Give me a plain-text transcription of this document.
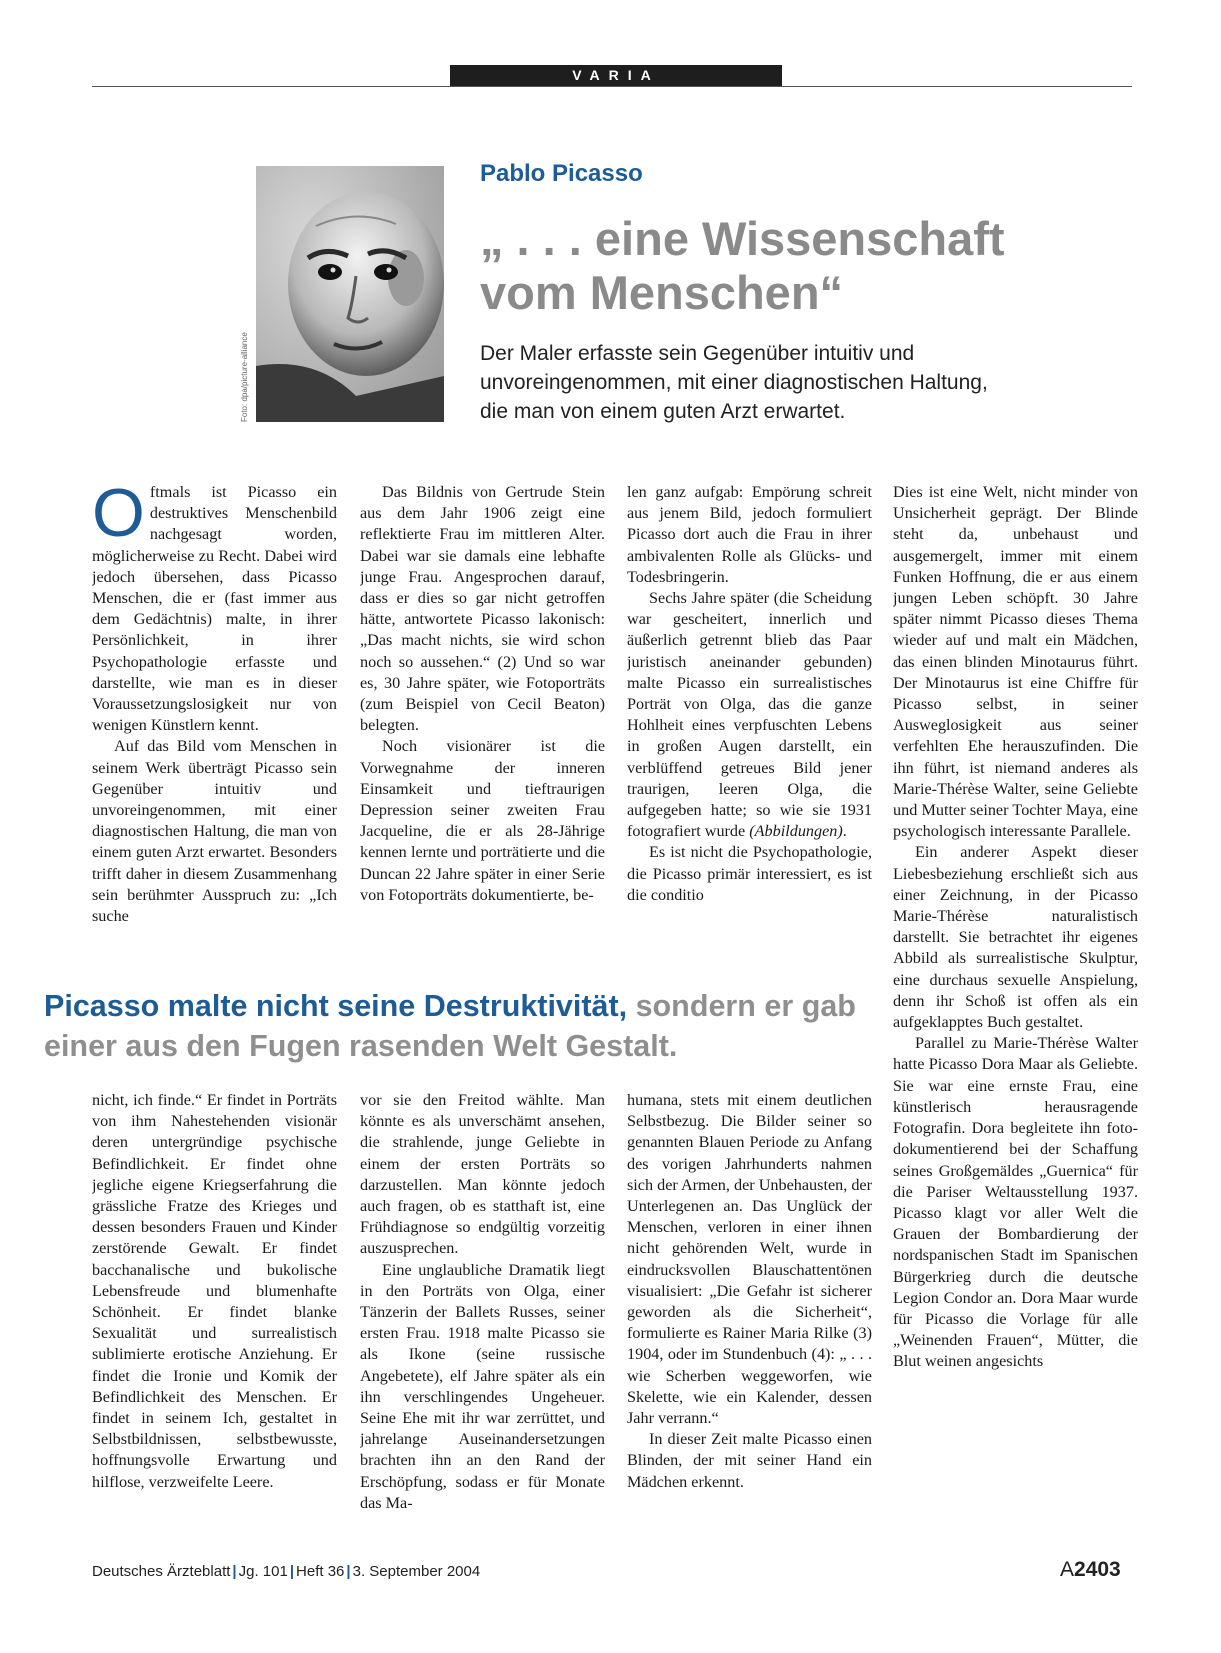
VARIA
Foto: dpa/picture-alliance
Pablo Picasso
„ . . . eine Wissenschaft
vom Menschen“
Der Maler erfasste sein Gegenüber intuitiv und unvoreingenommen, mit einer diagnostischen Haltung, die man von einem guten Arzt erwartet.

Oftmals ist Picasso ein destruktives Menschenbild nachgesagt worden, möglicherweise zu Recht. Dabei wird jedoch übersehen, dass Picasso Menschen, die er (fast immer aus dem Gedächtnis) malte, in ihrer Persönlichkeit, in ihrer Psychopathologie erfasste und darstellte, wie man es in dieser Voraussetzungslosigkeit nur von wenigen Künstlern kennt.

Auf das Bild vom Menschen in seinem Werk überträgt Picasso sein Gegenüber intuitiv und unvoreingenommen, mit einer diagnostischen Haltung, die man von einem guten Arzt erwartet. Besonders trifft daher in diesem Zusammenhang sein berühmter Ausspruch zu: „Ich suche

Das Bildnis von Gertrude Stein aus dem Jahr 1906 zeigt eine reflektierte Frau im mittleren Alter. Dabei war sie damals eine lebhafte junge Frau. Angesprochen darauf, dass er dies so gar nicht getroffen hätte, antwortete Picasso lakonisch: „Das macht nichts, sie wird schon noch so aussehen.“ (2) Und so war es, 30 Jahre später, wie Fotoporträts (zum Beispiel von Cecil Beaton) belegten.

Noch visionärer ist die Vorwegnahme der inneren Einsamkeit und tieftraurigen Depression seiner zweiten Frau Jacqueline, die er als 28-Jährige kennen lernte und porträtierte und die Duncan 22 Jahre später in einer Serie von Fotoporträts dokumentierte, be-

len ganz aufgab: Empörung schreit aus jenem Bild, jedoch formuliert Picasso dort auch die Frau in ihrer ambivalenten Rolle als Glücks- und Todesbringerin.

Sechs Jahre später (die Scheidung war gescheitert, innerlich und äußerlich getrennt blieb das Paar juristisch aneinander gebunden) malte Picasso ein surrealistisches Porträt von Olga, das die ganze Hohlheit eines verpfuschten Lebens in großen Augen darstellt, ein verblüffend getreues Bild jener traurigen, leeren Olga, die aufgegeben hatte; so wie sie 1931 fotografiert wurde (Abbildungen).

Es ist nicht die Psychopathologie, die Picasso primär interessiert, es ist die conditio

Picasso malte nicht seine Destruktivität, sondern er gab einer aus den Fugen rasenden Welt Gestalt.

Dies ist eine Welt, nicht minder von Unsicherheit geprägt. Der Blinde steht da, unbehaust und ausgemergelt, immer mit einem Funken Hoffnung, die er aus einem jungen Leben schöpft. 30 Jahre später nimmt Picasso dieses Thema wieder auf und malt ein Mädchen, das einen blinden Minotaurus führt. Der Minotaurus ist eine Chiffre für Picasso selbst, in seiner Ausweglosigkeit aus seiner verfehlten Ehe herauszufinden. Die ihn führt, ist niemand anderes als Marie-Thérèse Walter, seine Geliebte und Mutter seiner Tochter Maya, eine psychologisch interessante Parallele.

Ein anderer Aspekt dieser Liebesbeziehung erschließt sich aus einer Zeichnung, in der Picasso Marie-Thérèse naturalistisch darstellt. Sie betrachtet ihr eigenes Abbild als surrealistische Skulptur, eine durchaus sexuelle Anspielung, denn ihr Schoß ist offen als ein aufgeklapptes Buch gestaltet.

Parallel zu Marie-Thérèse Walter hatte Picasso Dora Maar als Geliebte. Sie war eine ernste Frau, eine künstlerisch herausragende Fotografin. Dora begleitete ihn foto-dokumentierend bei der Schaffung seines Großgemäldes „Guernica“ für die Pariser Weltausstellung 1937. Picasso klagt vor aller Welt die Grauen der Bombardierung der nordspanischen Stadt im Spanischen Bürgerkrieg durch die deutsche Legion Condor an. Dora Maar wurde für Picasso die Vorlage für alle „Weinenden Frauen“, Mütter, die Blut weinen angesichts

nicht, ich finde.“ Er findet in Porträts von ihm Nahestehenden visionär deren untergründige psychische Befindlichkeit. Er findet ohne jegliche eigene Kriegserfahrung die grässliche Fratze des Krieges und dessen besonders Frauen und Kinder zerstörende Gewalt. Er findet bacchanalische und bukolische Lebensfreude und blumenhafte Schönheit. Er findet blanke Sexualität und surrealistisch sublimierte erotische Anziehung. Er findet die Ironie und Komik der Befindlichkeit des Menschen. Er findet in seinem Ich, gestaltet in Selbstbildnissen, selbstbewusste, hoffnungsvolle Erwartung und hilflose, verzweifelte Leere.

vor sie den Freitod wählte. Man könnte es als unverschämt ansehen, die strahlende, junge Geliebte in einem der ersten Porträts so darzustellen. Man könnte jedoch auch fragen, ob es statthaft ist, eine Frühdiagnose so endgültig vorzeitig auszusprechen.

Eine unglaubliche Dramatik liegt in den Porträts von Olga, einer Tänzerin der Ballets Russes, seiner ersten Frau. 1918 malte Picasso sie als Ikone (seine russische Angebetete), elf Jahre später als ein ihn verschlingendes Ungeheuer. Seine Ehe mit ihr war zerrüttet, und jahrelange Auseinandersetzungen brachten ihn an den Rand der Erschöpfung, sodass er für Monate das Ma-

humana, stets mit einem deutlichen Selbstbezug. Die Bilder seiner so genannten Blauen Periode zu Anfang des vorigen Jahrhunderts nahmen sich der Armen, der Unbehausten, der Unterlegenen an. Das Unglück der Menschen, verloren in einer ihnen nicht gehörenden Welt, wurde in eindrucksvollen Blauschattentönen visualisiert: „Die Gefahr ist sicherer geworden als die Sicherheit“, formulierte es Rainer Maria Rilke (3) 1904, oder im Stundenbuch (4): „ . . . wie Scherben weggeworfen, wie Skelette, wie ein Kalender, dessen Jahr verrann.“

In dieser Zeit malte Picasso einen Blinden, der mit seiner Hand ein Mädchen erkennt.

Deutsches Ärzteblatt | Jg. 101 | Heft 36 | 3. September 2004	A2403
